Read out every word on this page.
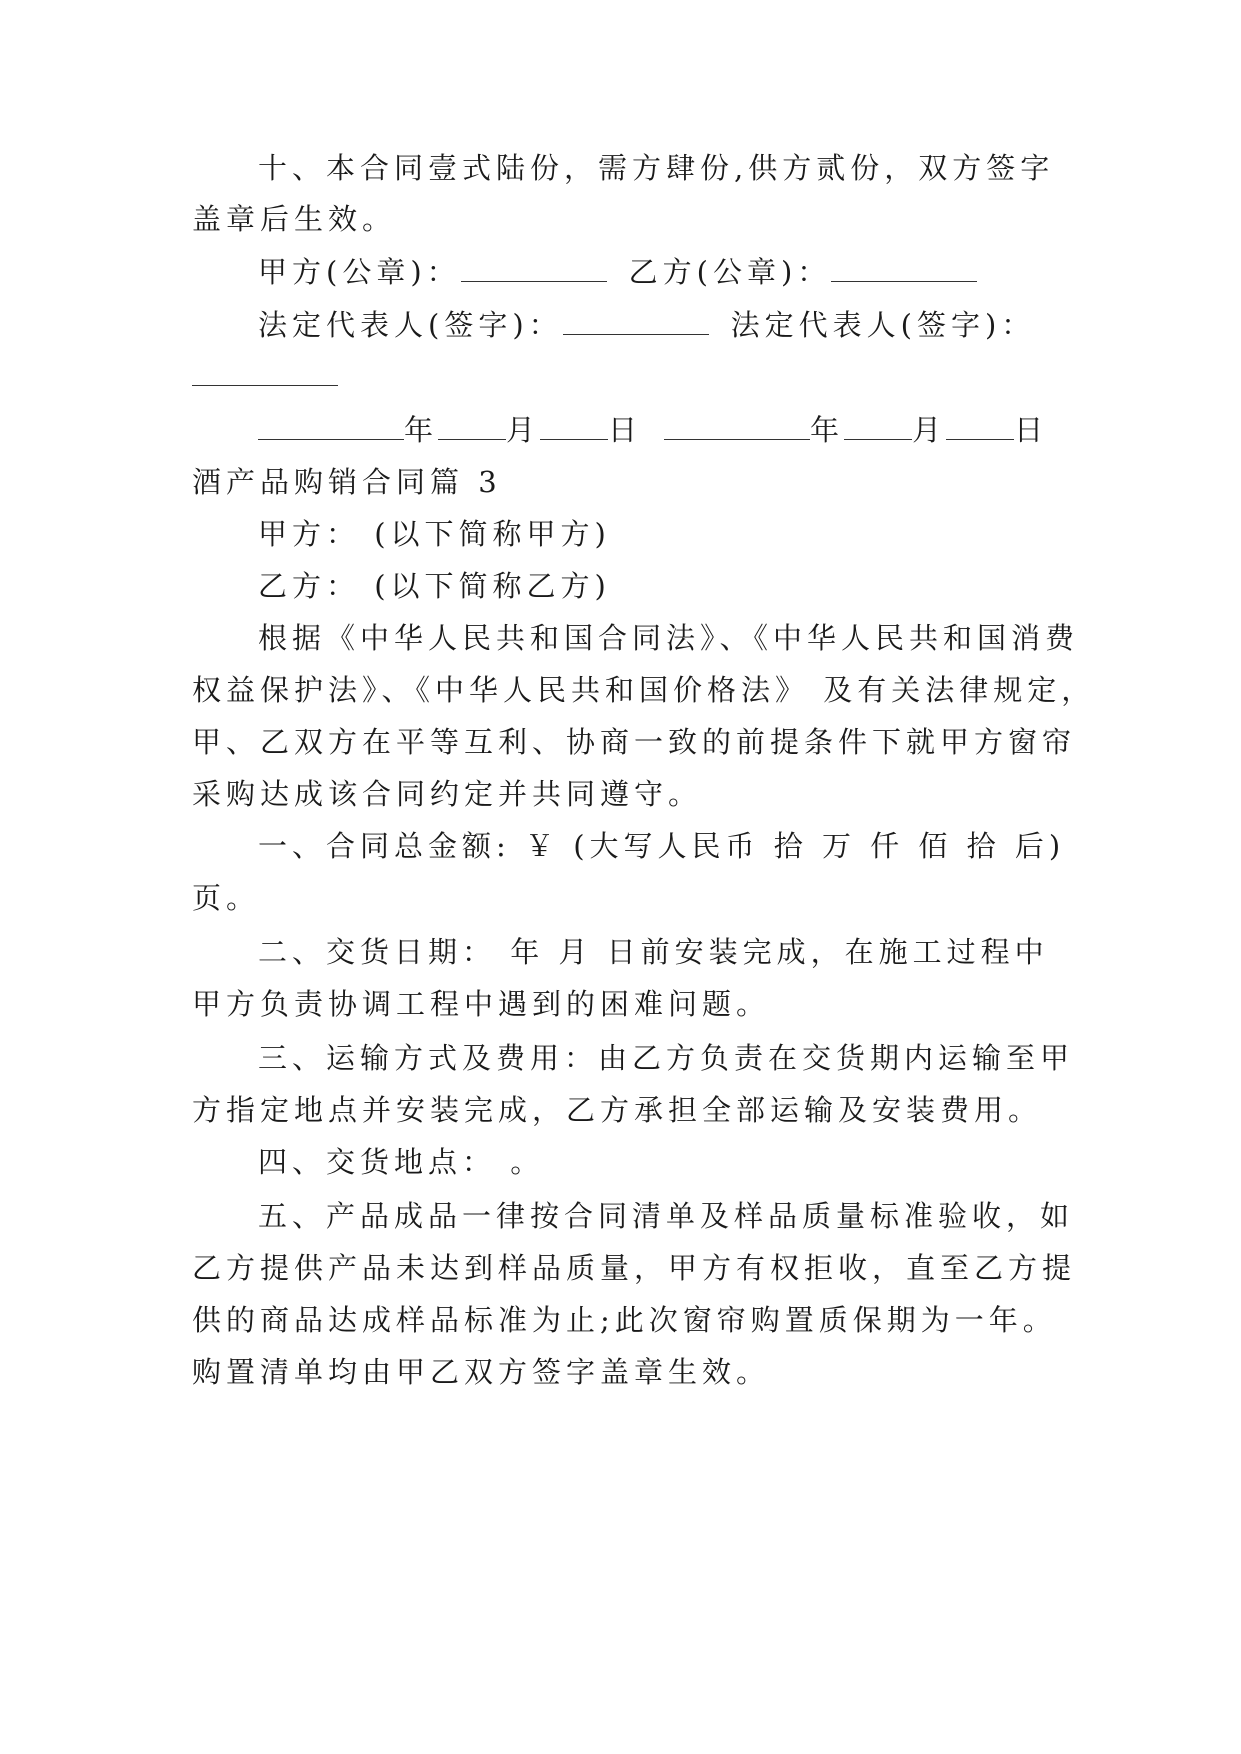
十、本合同壹式陆份，需方肆份,供方贰份，双方签字
盖章后生效。
甲方(公章)：	乙方(公章)：
法定代表人(签字)：	法定代表人(签字)：
年 月 日	年 月 日
酒产品购销合同篇 3
甲方： (以下简称甲方)
乙方： (以下简称乙方)
根据《中华人民共和国合同法》、《中华人民共和国消费
权益保护法》、《中华人民共和国价格法》 及有关法律规定，
甲、乙双方在平等互利、协商一致的前提条件下就甲方窗帘
采购达成该合同约定并共同遵守。
一、合同总金额: ￥ (大写人民币 拾 万 仟 佰 拾 后)
页。
二、交货日期： 年 月 日前安装完成，在施工过程中
甲方负责协调工程中遇到的困难问题。
三、运输方式及费用：由乙方负责在交货期内运输至甲
方指定地点并安装完成，乙方承担全部运输及安装费用。
四、交货地点： 。
五、产品成品一律按合同清单及样品质量标准验收，如
乙方提供产品未达到样品质量，甲方有权拒收，直至乙方提
供的商品达成样品标准为止;此次窗帘购置质保期为一年。
购置清单均由甲乙双方签字盖章生效。
